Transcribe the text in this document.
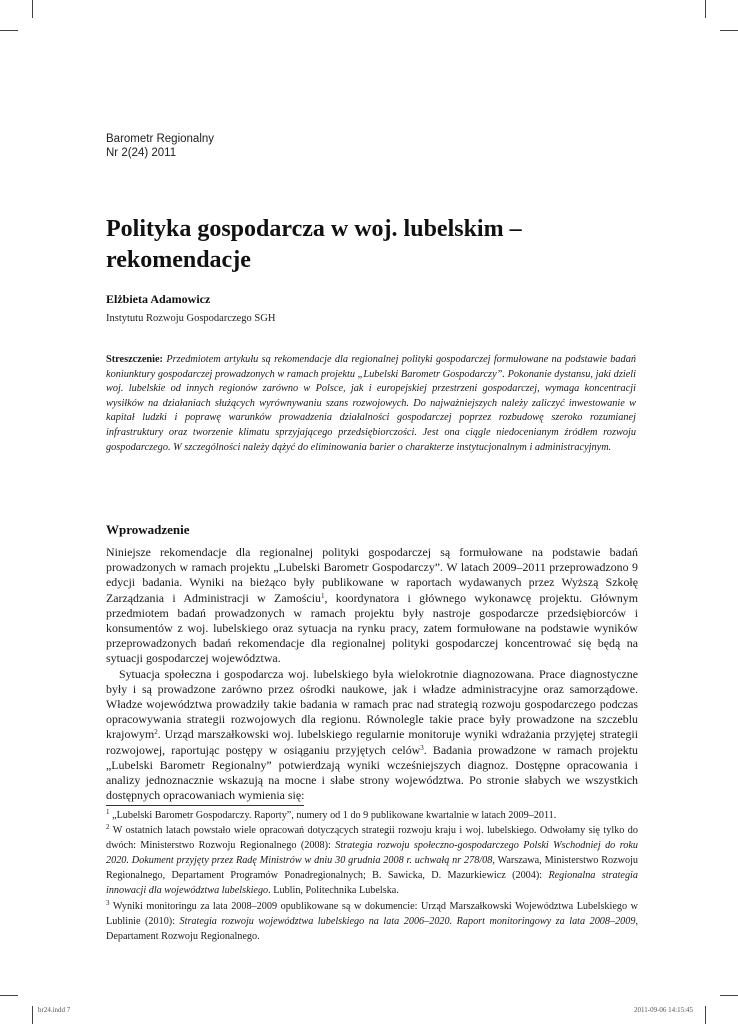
Barometr Regionalny
Nr 2(24) 2011
Polityka gospodarcza w woj. lubelskim – rekomendacje
Elżbieta Adamowicz
Instytutu Rozwoju Gospodarczego SGH

Streszczenie: Przedmiotem artykułu są rekomendacje dla regionalnej polityki gospodarczej formułowane na podstawie badań koniunktury gospodarczej prowadzonych w ramach projektu „Lubelski Barometr Gospodarczy”. Pokonanie dystansu, jaki dzieli woj. lubelskie od innych regionów zarówno w Polsce, jak i europejskiej przestrzeni gospodarczej, wymaga koncentracji wysiłków na działaniach służących wyrównywaniu szans rozwojowych. Do najważniejszych należy zaliczyć inwestowanie w kapitał ludzki i poprawę warunków prowadzenia działalności gospodarczej poprzez rozbudowę szeroko rozumianej infrastruktury oraz tworzenie klimatu sprzyjającego przedsiębiorczości. Jest ona ciągle niedocenianym źródłem rozwoju gospodarczego. W szczególności należy dążyć do eliminowania barier o charakterze instytucjonalnym i administracyjnym.

Wprowadzenie

Niniejsze rekomendacje dla regionalnej polityki gospodarczej są formułowane na podstawie badań prowadzonych w ramach projektu „Lubelski Barometr Gospodarczy”. W latach 2009–2011 przeprowadzono 9 edycji badania. Wyniki na bieżąco były publikowane w raportach wydawanych przez Wyższą Szkołę Zarządzania i Administracji w Zamościu$^1$, koordynatora i głównego wykonawcę projektu. Głównym przedmiotem badań prowadzonych w ramach projektu były nastroje gospodarcze przedsiębiorców i konsumentów z woj. lubelskiego oraz sytuacja na rynku pracy, zatem formułowane na podstawie wyników przeprowadzonych badań rekomendacje dla regionalnej polityki gospodarczej koncentrować się będą na sytuacji gospodarczej województwa.

Sytuacja społeczna i gospodarcza woj. lubelskiego była wielokrotnie diagnozowana. Prace diagnostyczne były i są prowadzone zarówno przez ośrodki naukowe, jak i władze administracyjne oraz samorządowe. Władze województwa prowadziły takie badania w ramach prac nad strategią rozwoju gospodarczego podczas opracowywania strategii rozwojowych dla regionu. Równolegle takie prace były prowadzone na szczeblu krajowym$^2$. Urząd marszałkowski woj. lubelskiego regularnie monitoruje wyniki wdrażania przyjętej strategii rozwojowej, raportując postępy w osiąganiu przyjętych celów$^3$. Badania prowadzone w ramach projektu „Lubelski Barometr Regionalny” potwierdzają wyniki wcześniejszych diagnoz. Dostępne opracowania i analizy jednoznacznie wskazują na mocne i słabe strony województwa. Po stronie słabych we wszystkich dostępnych opracowaniach wymienia się:

$^1$ „Lubelski Barometr Gospodarczy. Raporty”, numery od 1 do 9 publikowane kwartalnie w latach 2009–2011.

$^2$ W ostatnich latach powstało wiele opracowań dotyczących strategii rozwoju kraju i woj. lubelskiego. Odwołamy się tylko do dwóch: Ministerstwo Rozwoju Regionalnego (2008): Strategia rozwoju społeczno-gospodarczego Polski Wschodniej do roku 2020. Dokument przyjęty przez Radę Ministrów w dniu 30 grudnia 2008 r. uchwałą nr 278/08, Warszawa, Ministerstwo Rozwoju Regionalnego, Departament Programów Ponadregionalnych; B. Sawicka, D. Mazurkiewicz (2004): Regionalna strategia innowacji dla województwa lubelskiego. Lublin, Politechnika Lubelska.

$^3$ Wyniki monitoringu za lata 2008–2009 opublikowane są w dokumencie: Urząd Marszałkowski Województwa Lubelskiego w Lublinie (2010): Strategia rozwoju województwa lubelskiego na lata 2006–2020. Raport monitoringowy za lata 2008–2009, Departament Rozwoju Regionalnego.

br24.indd 7	2011-09-06 14:15:45
